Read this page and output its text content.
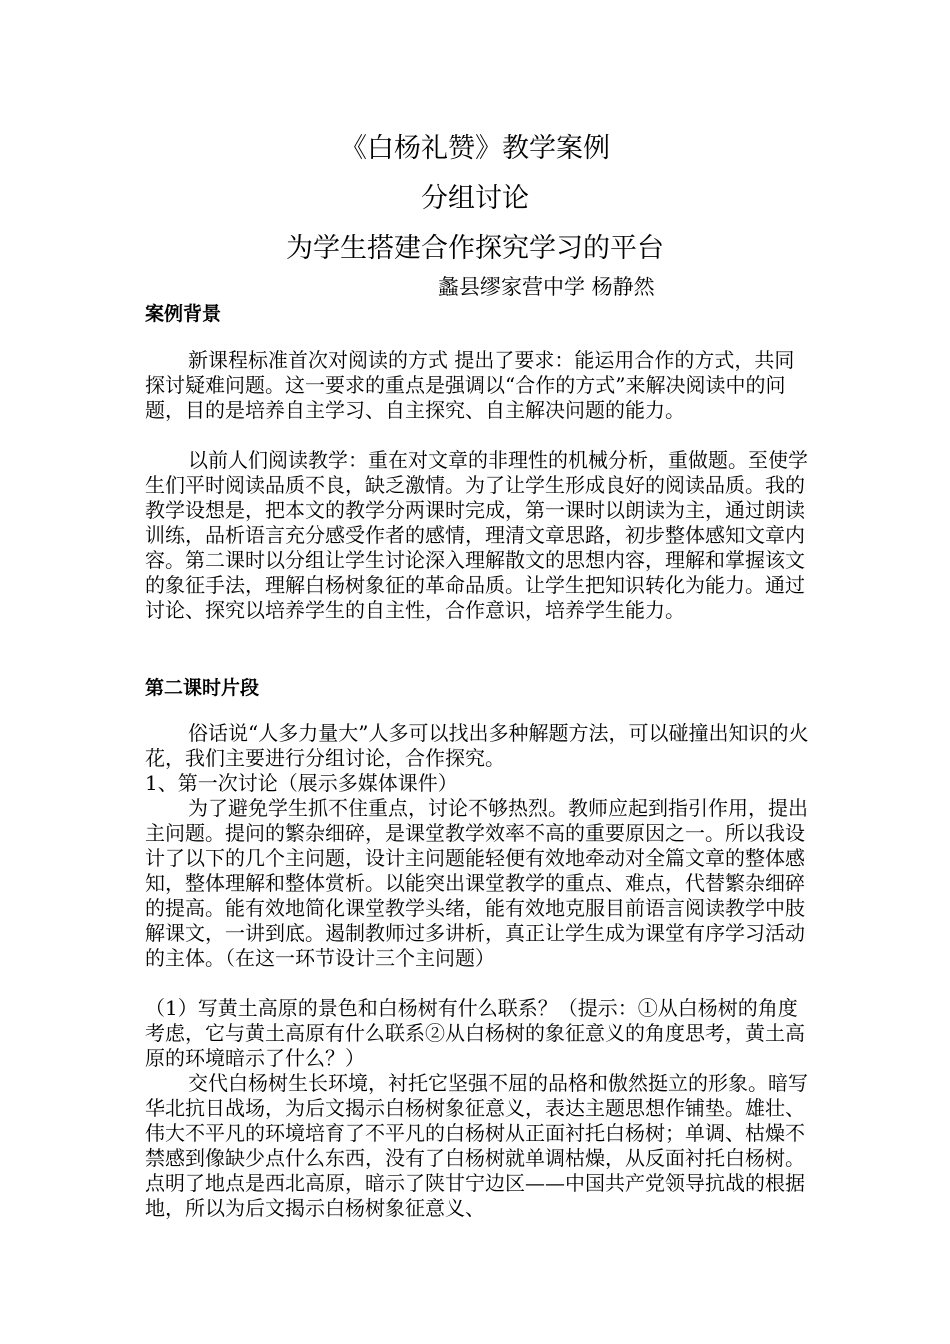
《白杨礼赞》教学案例
分组讨论
为学生搭建合作探究学习的平台

蠡县缪家营中学 杨静然

案例背景

新课程标准首次对阅读的方式 提出了要求：能运用合作的方式，共同探讨疑难问题。这一要求的重点是强调以“合作的方式”来解决阅读中的问题，目的是培养自主学习、自主探究、自主解决问题的能力。

以前人们阅读教学：重在对文章的非理性的机械分析，重做题。至使学生们平时阅读品质不良，缺乏激情。为了让学生形成良好的阅读品质。我的教学设想是，把本文的教学分两课时完成，第一课时以朗读为主，通过朗读训练，品析语言充分感受作者的感情，理清文章思路，初步整体感知文章内容。第二课时以分组让学生讨论深入理解散文的思想内容，理解和掌握该文的象征手法，理解白杨树象征的革命品质。让学生把知识转化为能力。通过讨论、探究以培养学生的自主性，合作意识，培养学生能力。

第二课时片段

俗话说“人多力量大”人多可以找出多种解题方法，可以碰撞出知识的火花，我们主要进行分组讨论，合作探究。

1、第一次讨论（展示多媒体课件）

为了避免学生抓不住重点，讨论不够热烈。教师应起到指引作用，提出主问题。提问的繁杂细碎，是课堂教学效率不高的重要原因之一。所以我设计了以下的几个主问题，设计主问题能轻便有效地牵动对全篇文章的整体感知，整体理解和整体赏析。以能突出课堂教学的重点、难点，代替繁杂细碎的提高。能有效地简化课堂教学头绪，能有效地克服目前语言阅读教学中肢解课文，一讲到底。遏制教师过多讲析，真正让学生成为课堂有序学习活动的主体。（在这一环节设计三个主问题）

（1）写黄土高原的景色和白杨树有什么联系？（提示：①从白杨树的角度考虑，它与黄土高原有什么联系②从白杨树的象征意义的角度思考，黄土高原的环境暗示了什么？）

交代白杨树生长环境，衬托它坚强不屈的品格和傲然挺立的形象。暗写华北抗日战场，为后文揭示白杨树象征意义，表达主题思想作铺垫。雄壮、伟大不平凡的环境培育了不平凡的白杨树从正面衬托白杨树；单调、枯燥不禁感到像缺少点什么东西，没有了白杨树就单调枯燥，从反面衬托白杨树。点明了地点是西北高原，暗示了陕甘宁边区——中国共产党领导抗战的根据地，所以为后文揭示白杨树象征意义、
